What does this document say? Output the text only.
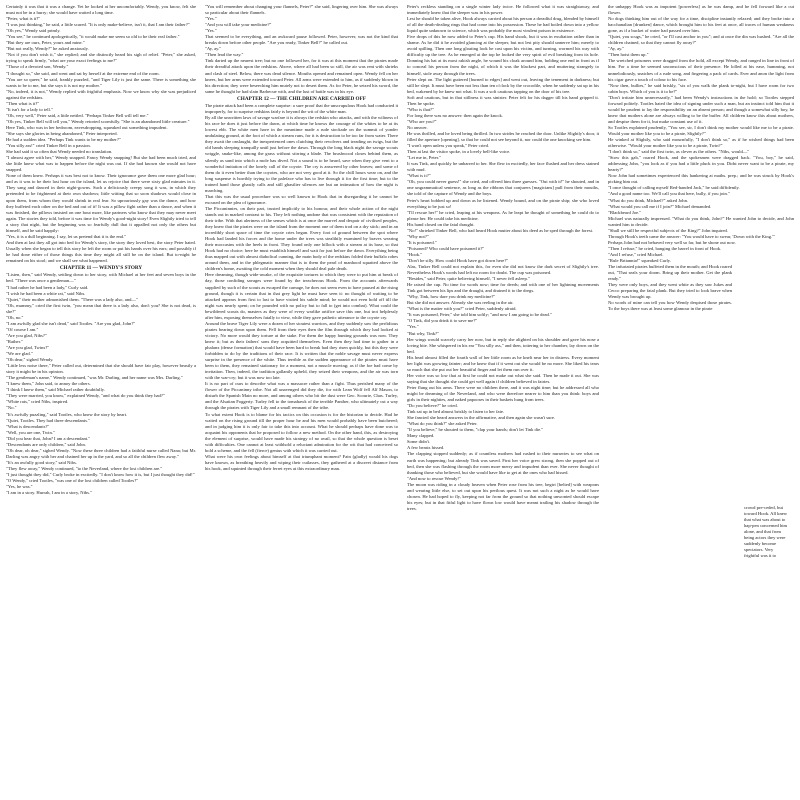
Certainly it was that it was a change. Yet he looked at her uncomfortably. Wendy, you know, felt she must not be in a hurry; she would have waited a long time.

"Peter, what is it?"

"I was just thinking," he said, a little scared. "It is only make-believe, isn't it, that I am their father?"

"Oh yes," Wendy said primly.

"You see," he continued apologetically, "it would make me seem so old to be their real father."

"But they are ours, Peter, yours and mine."

"But not really, Wendy?" he asked anxiously.

"Not if you don't wish it," she replied; and she distinctly heard his sigh of relief. "Peter," she asked, trying to speak firmly, "what are your exact feelings to me?"

"Those of a devoted son, Wendy."

"I thought so," she said, and went and sat by herself at the extreme end of the room.

"You are so queer," he said, frankly puzzled, "and Tiger Lily is just the same. There is something she wants to be to me, but she says it is not my mother."

"No, indeed, it is not," Wendy replied with frightful emphasis. Now we know why she was prejudiced against the redskins.

"Then what is it?"

"It isn't for a lady to tell."

"Oh, very well," Peter said, a little nettled. "Perhaps Tinker Bell will tell me."

"Oh yes, Tinker Bell will tell you," Wendy retorted scornfully. "She is an abandoned little creature."

Here Tink, who was in her bedroom, eavesdropping, squeaked out something impudent.

"She says she glories in being abandoned," Peter interpreted.

He had a sudden idea. "Perhaps Tink wants to be my mother?"

"You silly ass!" cried Tinker Bell in a passion.

She had said it so often that Wendy needed no translation.

"I almost agree with her," Wendy snapped. Fancy Wendy snapping! But she had been much tried, and she little knew what was to happen before the night was out. If she had known she would not have snapped.

None of them knew. Perhaps it was best not to know. Their ignorance gave them one more glad hour; and as it was to be their last hour on the island, let us rejoice that there were sixty glad minutes in it. They sang and danced in their night-gowns. Such a deliciously creepy song it was, in which they pretended to be frightened at their own shadows; little witting that so soon shadows would close in upon them, from whom they would shrink in real fear. So uproariously gay was the dance, and how they buffeted each other on the bed and out of it! It was a pillow fight rather than a dance, and when it was finished, the pillows insisted on one bout more, like partners who know that they may never meet again. The stories they told, before it was time for Wendy's good-night story! Even Slightly tried to tell a story that night, but the beginning was so fearfully dull that it appalled not only the others but himself, and he said happily:

"Yes, it is a dull beginning. I say, let us pretend that it is the end."

And then at last they all got into bed for Wendy's story, the story they loved best, the story Peter hated. Usually when she began to tell this story he left the room or put his hands over his ears; and possibly if he had done either of those things this time they might all still be on the island. But to-night he remained on his stool; and we shall see what happened.

CHAPTER 11 — WENDY'S STORY

"Listen, then," said Wendy, settling down to her story, with Michael at her feet and seven boys in the bed. "There was once a gentleman—"

"I had rather he had been a lady," Curly said.

"I wish he had been a white rat," said Nibs.

"Quiet," their mother admonished them. "There was a lady also, and—"

"Oh, mummy," cried the first twin, "you mean that there is a lady also, don't you? She is not dead, is she?"

"Oh, no."

"I am awfully glad she isn't dead," said Tootles. "Are you glad, John?"

"Of course I am."

"Are you glad, Nibs?"

"Rather."

"Are you glad, Twins?"

"We are glad."

"Oh dear," sighed Wendy.

"Little less noise there," Peter called out, determined that she should have fair play, however beastly a story it might be in his opinion.

"The gentleman's name," Wendy continued, "was Mr. Darling, and her name was Mrs. Darling."

"I knew them," John said, to annoy the others.

"I think I knew them," said Michael rather doubtfully.

"They were married, you know," explained Wendy, "and what do you think they had?"

"White rats," cried Nibs, inspired.

"No."

"It's awfully puzzling," said Tootles, who knew the story by heart.

"Quiet, Tootles. They had three descendants."

"What is descendants?"

"Well, you are one, Twin."

"Did you hear that, John? I am a descendant."

"Descendants are only children," said John.

"Oh dear, oh dear," sighed Wendy. "Now these three children had a faithful nurse called Nana; but Mr. Darling was angry with her and chained her up in the yard, and so all the children flew away."

"It's an awfully good story," said Nibs.

"They flew away," Wendy continued, "to the Neverland, where the lost children are."

"I just thought they did," Curly broke in excitedly. "I don't know how it is, but I just thought they did!"

"O Wendy," cried Tootles, "was one of the lost children called Tootles?"

"Yes, he was."

"I am in a story. Hurrah, I am in a story, Nibs."

"You will remember about changing your flannels, Peter?" she said, lingering over him. She was always so particular about their flannels.

"Yes."

"And you will take your medicine?"

"Yes."

That seemed to be everything, and an awkward pause followed. Peter, however, was not the kind that breaks down before other people. "Are you ready, Tinker Bell?" he called out.

"Ay, ay."

"Then lead the way."

Tink darted up the nearest tree; but no one followed her, for it was at this moment that the pirates made their dreadful attack upon the redskins. Above, where all had been so still, the air was rent with shrieks and clash of steel. Below, there was dead silence. Mouths opened and remained open. Wendy fell on her knees, but her arms were extended toward Peter. All arms were extended to him, as if suddenly blown in his direction; they were beseeching him mutely not to desert them. As for Peter, he seized his sword, the same he thought he had slain Barbecue with, and the lust of battle was in his eye.

CHAPTER 12 — THE CHILDREN ARE CARRIED OFF

The pirate attack had been a complete surprise: a sure proof that the unscrupulous Hook had conducted it improperly, for to surprise redskins fairly is beyond the wit of the white man.

By all the unwritten laws of savage warfare it is always the redskin who attacks, and with the wiliness of his race he does it just before the dawn, at which time he knows the courage of the whites to be at its lowest ebb. The white men have in the meantime made a rude stockade on the summit of yonder undulating ground, at the foot of which a stream runs, for it is destruction to be too far from water. There they await the onslaught, the inexperienced ones clutching their revolvers and treading on twigs, but the old hands sleeping tranquilly until just before the dawn. Through the long black night the savage scouts wriggle, snake-like, among the grass without stirring a blade. The brushwood closes behind them, as silently as sand into which a mole has dived. Not a sound is to be heard, save when they give vent to a wonderful imitation of the lonely call of the coyote. The cry is answered by other braves; and some of them do it even better than the coyotes, who are not very good at it. So the chill hours wear on, and the long suspense is horribly trying to the paleface who has to live through it for the first time; but to the trained hand those ghastly calls and still ghastlier silences are but an intimation of how the night is marching.

That this was the usual procedure was so well known to Hook that in disregarding it he cannot be excused on the plea of ignorance.

The Piccaninnies, on their part, trusted implicitly to his honour, and their whole action of the night stands out in marked contrast to his. They left nothing undone that was consistent with the reputation of their tribe. With that alertness of the senses which is at once the marvel and despair of civilised peoples, they knew that the pirates were on the island from the moment one of them trod on a dry stick; and in an incredibly short space of time the coyote cries began. Every foot of ground between the spot where Hook had landed his forces and the home under the trees was stealthily examined by braves wearing their moccasins with the heels in front. They found only one hillock with a stream at its base, so that Hook had no choice; here he must establish himself and wait for just before the dawn. Everything being thus mapped out with almost diabolical cunning, the main body of the redskins folded their buffalo robes around them, and in the phlegmatic manner that is to them the pearl of manhood squatted above the children's home, awaiting the cold moment when they should deal pale death.

Here dreaming, though wide-awake, of the exquisite tortures to which they were to put him at break of day, those confiding savages were found by the treacherous Hook. From the accounts afterwards supplied by such of the scouts as escaped the carnage, he does not seem even to have paused at the rising ground, though it is certain that in that grey light he must have seen it: no thought of waiting to be attacked appears from first to last to have visited his subtle mind; he would not even hold off till the night was nearly spent; on he pounded with no policy but to fall to (get into combat). What could the bewildered scouts do, masters as they were of every warlike artifice save this one, but trot helplessly after him, exposing themselves fatally to view, while they gave pathetic utterance to the coyote cry.

Around the brave Tiger Lily were a dozen of her stoutest warriors, and they suddenly saw the perfidious pirates bearing down upon them. Fell from their eyes then the film through which they had looked at victory. No more would they torture at the stake. For them the happy hunting grounds was now. They knew it; but as their fathers' sons they acquitted themselves. Even then they had time to gather in a phalanx (dense formation) that would have been hard to break had they risen quickly, but this they were forbidden to do by the traditions of their race. It is written that the noble savage must never express surprise in the presence of the white. Thus terrible as the sudden appearance of the pirates must have been to them, they remained stationary for a moment, not a muscle moving; as if the foe had come by invitation. Then, indeed, the tradition gallantly upheld, they seized their weapons, and the air was torn with the war-cry; but it was now too late.

It is no part of ours to describe what was a massacre rather than a fight. Thus perished many of the flower of the Piccaninny tribe. Not all unavenged did they die, for with Lean Wolf fell Alf Mason, to disturb the Spanish Main no more, and among others who bit the dust were Geo. Scourie, Chas. Turley, and the Alsatian Foggerty. Turley fell to the tomahawk of the terrible Panther, who ultimately cut a way through the pirates with Tiger Lily and a small remnant of the tribe.

To what extent Hook is to blame for his tactics on this occasion is for the historian to decide. Had he waited on the rising ground till the proper hour he and his men would probably have been butchered; and in judging him it is only fair to take this into account. What he should perhaps have done was to acquaint his opponents that he proposed to follow a new method. On the other hand, this, as destroying the element of surprise, would have made his strategy of no avail, so that the whole question is beset with difficulties. One cannot at least withhold a reluctant admiration for the wit that had conceived so bold a scheme, and the fell (fierce) genius with which it was carried out.

What were his own feelings about himself at that triumphant moment? Fain (gladly) would his dogs have known, as breathing heavily and wiping their cutlasses, they gathered at a discreet distance from his hook, and squinted through their ferret eyes at this extraordinary man.

Peter's reckless standing on a single winter lady twice. He followed what it was straightaway, and immediately knew that the sleeper was in his power.

Lest he should be taken alive, Hook always carried about his person a dreadful drug, blended by himself of all the death-dealing rings that had come into his possession. These he had boiled down into a yellow liquid quite unknown to science, which was probably the most virulent poison in existence.

Five drops of this he now added to Peter's cup. His hand shook, but it was in exultation rather than in shame. As he did it he avoided glancing at the sleeper, but not lest pity should unnerve him; merely to avoid spilling. Then one long gloating look he cast upon his victim, and turning, wormed his way with difficulty up the tree. As he emerged at the top he looked the very spirit of evil breaking from its hole. Donning his hat at its most rakish angle, he wound his cloak around him, holding one end in front as if to conceal his person from the night, of which it was the blackest part, and muttering strangely to himself, stole away through the trees.

Peter slept on. The light guttered [burned to edges] and went out, leaving the tenement in darkness; but still he slept. It must have been not less than ten o'clock by the crocodile, when he suddenly sat up in his bed, wakened by he knew not what. It was a soft cautious tapping on the door of his tree.

Soft and cautious, but in that stillness it was sinister. Peter felt for his dagger till his hand gripped it. Then he spoke.

"Who is that?"

For long there was no answer: then again the knock.

"Who are you?"

No answer.

He was thrilled, and he loved being thrilled. In two strides he reached the door. Unlike Slightly's door, it filled the aperture [opening], so that he could not see beyond it, nor could the one knocking see him.

"I won't open unless you speak," Peter cried.

Then at last the visitor spoke, in a lovely bell-like voice.

"Let me in, Peter."

It was Tink, and quickly he unbarred to her. She flew in excitedly, her face flushed and her dress stained with mud.

"What is it?"

"Oh, you could never guess!" she cried, and offered him three guesses. "Out with it!" he shouted, and in one ungrammatical sentence, as long as the ribbons that conjurers [magicians] pull from their mouths, she told of the capture of Wendy and the boys.

Peter's heart bobbed up and down as he listened. Wendy bound, and on the pirate ship; she who loved everything to be just so!

"I'll rescue her!" he cried, leaping at his weapons. As he leapt he thought of something he could do to please her. He could take his medicine.

His hand closed on the fatal draught.

"No!" shrieked Tinker Bell, who had heard Hook mutter about his deed as he sped through the forest.

"Why not?"

"It is poisoned."

"Poisoned? Who could have poisoned it?"

"Hook."

"Don't be silly. How could Hook have got down here?"

Alas, Tinker Bell could not explain this, for even she did not know the dark secret of Slightly's tree. Nevertheless Hook's words had left no room for doubt. The cup was poisoned.

"Besides," said Peter, quite believing himself, "I never fell asleep."

He raised the cup. No time for words now; time for deeds; and with one of her lightning movements Tink got between his lips and the draught, and drained it to the dregs.

"Why, Tink, how dare you drink my medicine?"

But she did not answer. Already she was reeling in the air.

"What is the matter with you?" cried Peter, suddenly afraid.

"It was poisoned, Peter," she told him softly; "and now I am going to be dead."

"O Tink, did you drink it to save me?"

"Yes."

"But why, Tink?"

Her wings would scarcely carry her now, but in reply she alighted on his shoulder and gave his nose a loving bite. She whispered in his ear "You silly ass," and then, tottering to her chamber, lay down on the bed.

His head almost filled the fourth wall of her little room as he knelt near her in distress. Every moment her light was growing fainter; and he knew that if it went out she would be no more. She liked his tears so much that she put out her beautiful finger and let them run over it.

Her voice was so low that at first he could not make out what she said. Then he made it out. She was saying that she thought she could get well again if children believed in fairies.

Peter flung out his arms. There were no children there, and it was night time; but he addressed all who might be dreaming of the Neverland, and who were therefore nearer to him than you think: boys and girls in their nighties, and naked papooses in their baskets hung from trees.

"Do you believe?" he cried.

Tink sat up in bed almost briskly to listen to her fate.

She fancied she heard answers in the affirmative, and then again she wasn't sure.

"What do you think?" she asked Peter.

"If you believe," he shouted to them, "clap your hands; don't let Tink die."

Many clapped.

Some didn't.

A few beasts hissed.

The clapping stopped suddenly; as if countless mothers had rushed to their nurseries to see what on earth was happening; but already Tink was saved. First her voice grew strong, then she popped out of bed, then she was flashing through the room more merry and impudent than ever. She never thought of thanking those who believed, but she would have like to get at the ones who had hissed.

"And now to rescue Wendy!"

The moon was riding in a cloudy heaven when Peter rose from his tree, begirt [belted] with weapons and wearing little else, to set out upon his perilous quest. It was not such a night as he would have chosen. He had hoped to fly, keeping not far from the ground so that nothing unwonted should escape his eyes; but in that fitful light to have flown low would have meant trailing his shadow through the trees.

the unhappy Hook was as impotent [powerless] as he was damp, and he fell forward like a cut flower.

No dogs thinking him out of the way for a time, discipline instantly relaxed; and they broke into a bacchanalian [drunken] dance, which brought him to his feet at once, all traces of human weakness gone, as if a bucket of water had passed over him.

"Quiet, you scugs," he cried, "or I'll cast anchor in you"; and at once the din was hushed. "Are all the children chained, so that they cannot fly away?"

"Ay, ay."

"Then hoist them up."

The wretched prisoners were dragged from the hold, all except Wendy, and ranged in line in front of him. For a time he seemed unconscious of their presence. He lolled at his ease, humming, not unmelodiously, snatches of a rude song, and fingering a pack of cards. Ever and anon the light from his cigar gave a touch of colour to his face.

"Now then, bullies," he said briskly, "six of you walk the plank to-night, but I have room for two cabin boys. Which of you is it to be?"

"Don't irritate him unnecessarily," had been Wendy's instructions in the hold; so Tootles stepped forward politely. Tootles hated the idea of signing under such a man, but an instinct told him that it would be prudent to lay the responsibility on an absent person; and though a somewhat silly boy, he knew that mothers alone are always willing to be the buffer. All children know this about mothers, and despise them for it, but make constant use of it.

So Tootles explained prudently, "You see, sir, I don't think my mother would like me to be a pirate. Would your mother like you to be a pirate, Slightly?"

He winked at Slightly, who said mournfully, "I don't think so," as if he wished things had been otherwise. "Would your mother like you to be a pirate, Twin?"

"I don't think so," said the first twin, as clever as the others. "Nibs, would—"

"Stow this gab," roared Hook, and the spokesmen were dragged back. "You, boy," he said, addressing John, "you look as if you had a little pluck in you. Didst never want to be a pirate, my hearty?"

Now John had sometimes experienced this hankering at maths. prep.; and he was struck by Hook's picking him out.

"I once thought of calling myself Red-handed Jack," he said diffidently.

"And a good name too. We'll call you that here, bully, if you join."

"What do you think, Michael?" asked John.

"What would you call me if I join?" Michael demanded.

"Blackbeard Joe."

Michael was naturally impressed. "What do you think, John?" He wanted John to decide, and John wanted him to decide.

"Shall we still be respectful subjects of the King?" John inquired.

Through Hook's teeth came the answer: "You would have to swear, 'Down with the King.'"

Perhaps John had not behaved very well so far, but he shone out now.

"Then I refuse," he cried, banging the barrel in front of Hook.

"And I refuse," cried Michael.

"Rule Britannia!" squeaked Curly.

The infuriated pirates buffeted them in the mouth; and Hook roared out, "That seals your doom. Bring up their mother. Get the plank ready."

They were only boys, and they went white as they saw Jukes and Cecco preparing the fatal plank. But they tried to look brave when Wendy was brought up.

No words of mine can tell you how Wendy despised those pirates. To the boys there was at least some glamour in the pirate

crowd pre-ceded, but toward Hook. All knew that what was about to hap-pen concerned him alone, and that from being actors they were suddenly become spectators. Very frightful was it to
